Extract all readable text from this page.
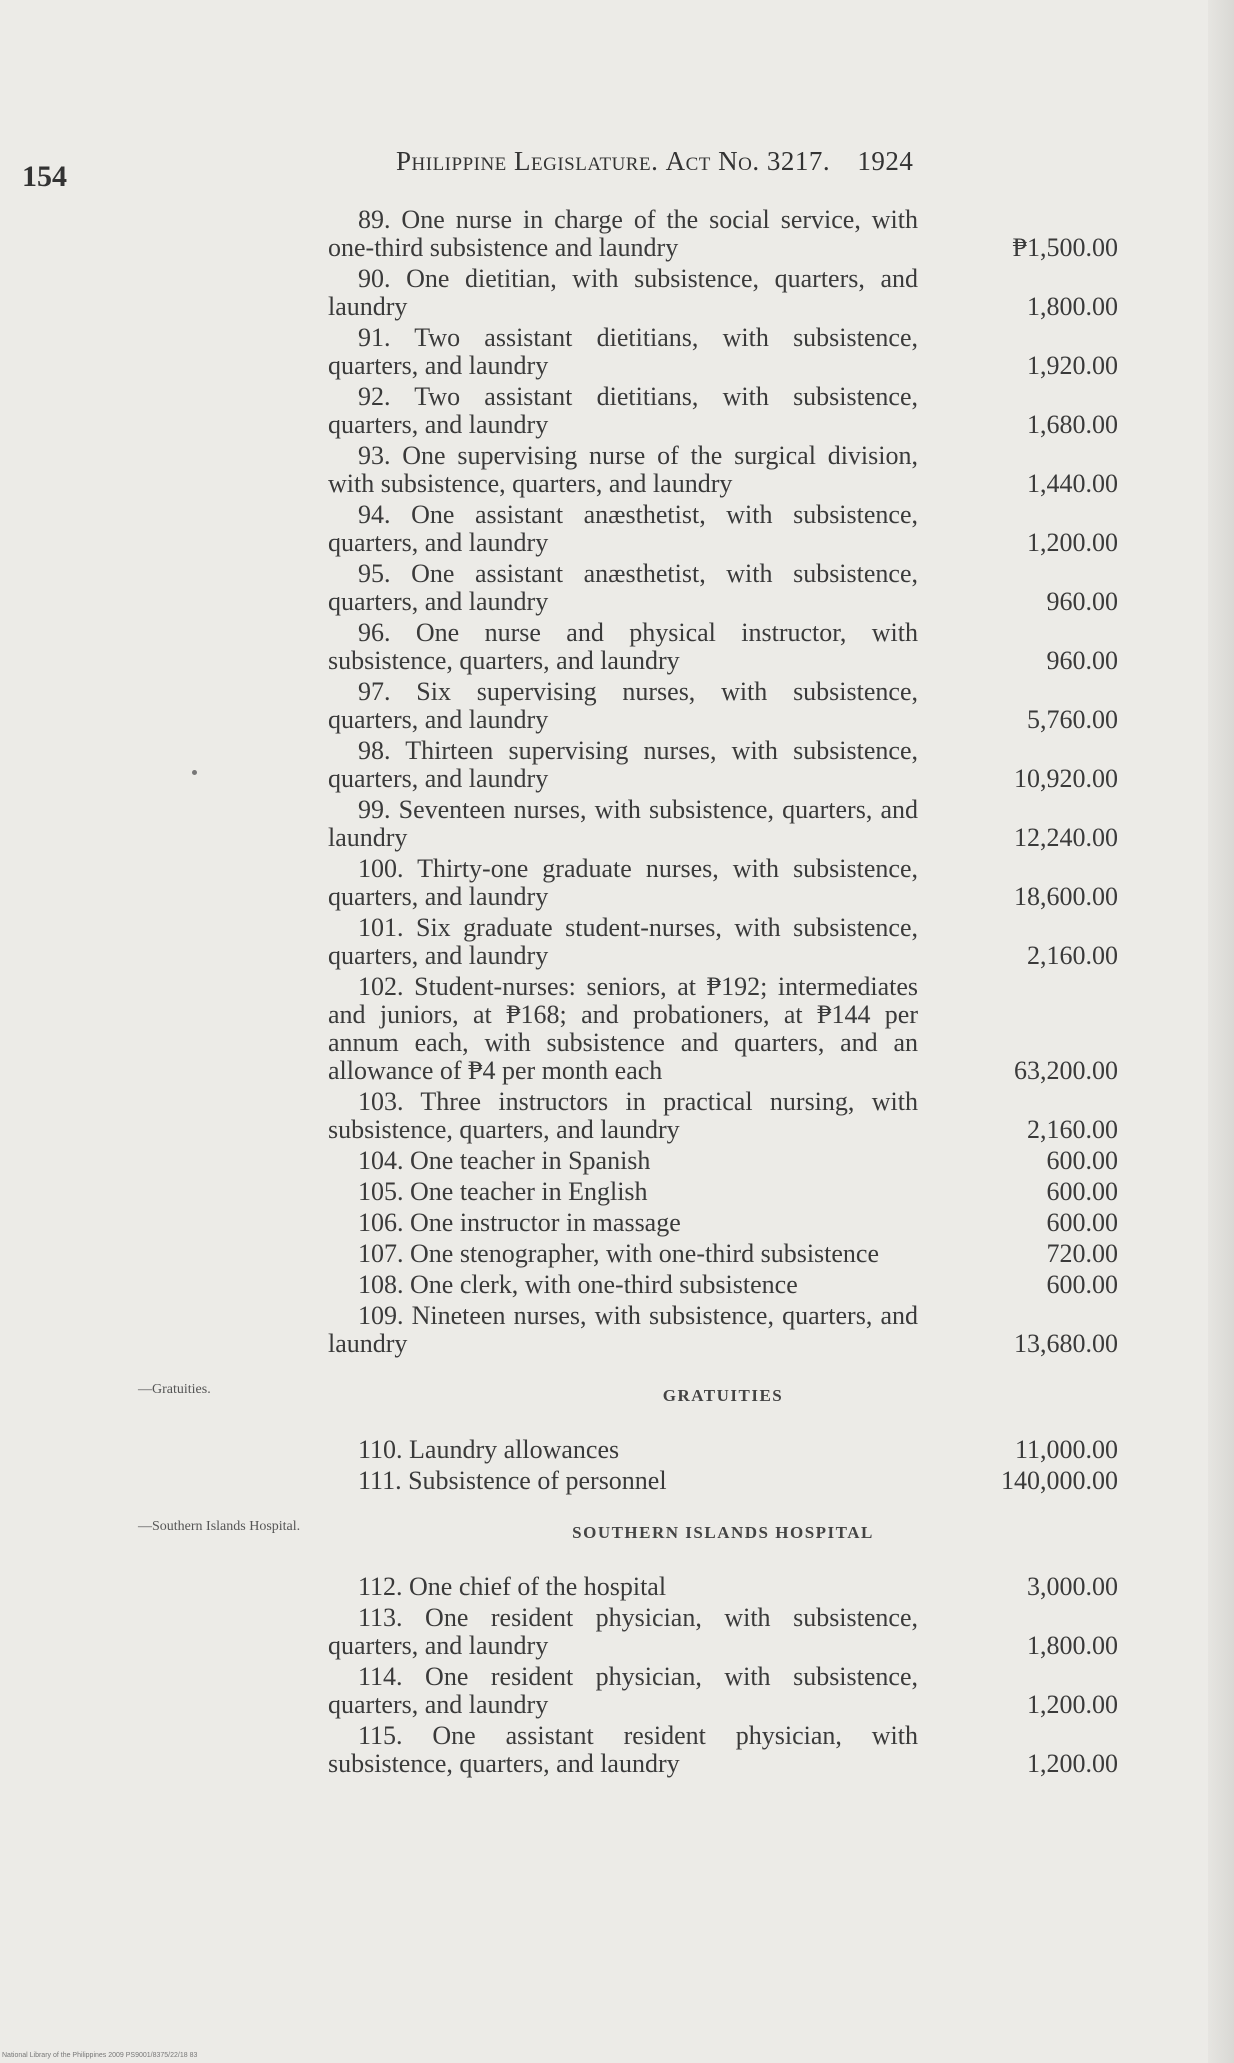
154	Philippine Legislature. Act No. 3217. 1924
89. One nurse in charge of the social service, with one-third subsistence and laundry	₱1,500.00
90. One dietitian, with subsistence, quarters, and laundry	1,800.00
91. Two assistant dietitians, with subsistence, quarters, and laundry	1,920.00
92. Two assistant dietitians, with subsistence, quarters, and laundry	1,680.00
93. One supervising nurse of the surgical division, with subsistence, quarters, and laundry	1,440.00
94. One assistant anæsthetist, with subsistence, quarters, and laundry	1,200.00
95. One assistant anæsthetist, with subsistence, quarters, and laundry	960.00
96. One nurse and physical instructor, with subsistence, quarters, and laundry	960.00
97. Six supervising nurses, with subsistence, quarters, and laundry	5,760.00
98. Thirteen supervising nurses, with subsistence, quarters, and laundry	10,920.00
99. Seventeen nurses, with subsistence, quarters, and laundry	12,240.00
100. Thirty-one graduate nurses, with subsistence, quarters, and laundry	18,600.00
101. Six graduate student-nurses, with subsistence, quarters, and laundry	2,160.00
102. Student-nurses: seniors, at ₱192; intermediates and juniors, at ₱168; and probationers, at ₱144 per annum each, with subsistence and quarters, and an allowance of ₱4 per month each	63,200.00
103. Three instructors in practical nursing, with subsistence, quarters, and laundry	2,160.00
104. One teacher in Spanish	600.00
105. One teacher in English	600.00
106. One instructor in massage	600.00
107. One stenographer, with one-third subsistence	720.00
108. One clerk, with one-third subsistence	600.00
109. Nineteen nurses, with subsistence, quarters, and laundry	13,680.00
—Gratuities.	GRATUITIES
110. Laundry allowances	11,000.00
111. Subsistence of personnel	140,000.00
—Southern Islands Hospital.	SOUTHERN ISLANDS HOSPITAL
112. One chief of the hospital	3,000.00
113. One resident physician, with subsistence, quarters, and laundry	1,800.00
114. One resident physician, with subsistence, quarters, and laundry	1,200.00
115. One assistant resident physician, with subsistence, quarters, and laundry	1,200.00
National Library of the Philippines 2009 PS9001/8375/22/18 83
